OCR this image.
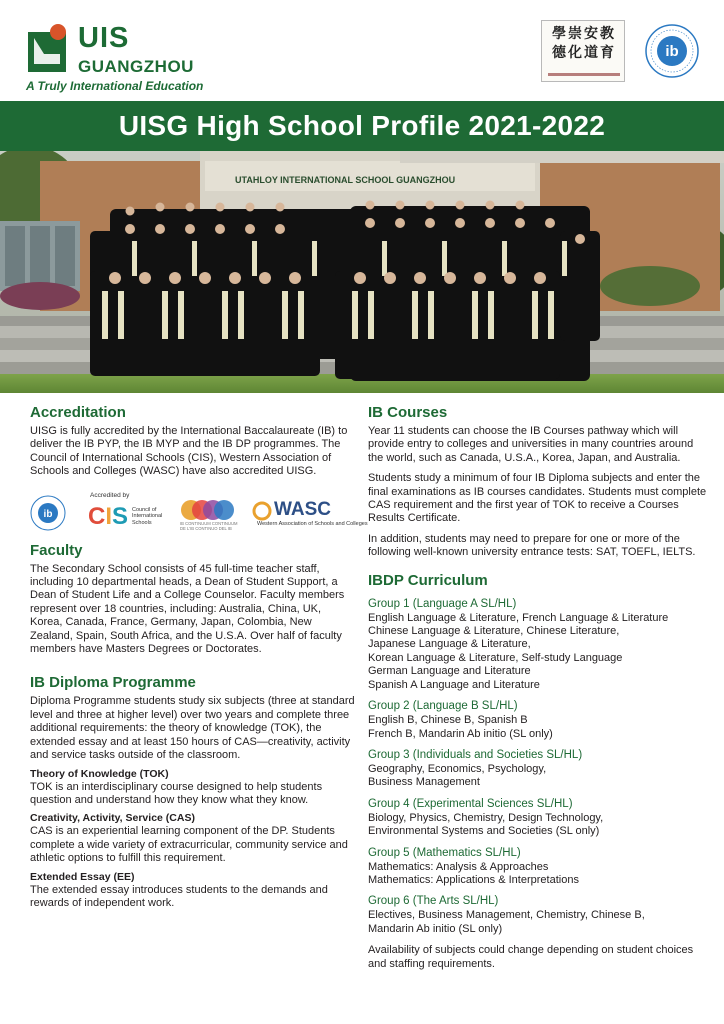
UIS
GUANGZHOU
A Truly International Education
學崇安教
德化道育	ib
UISG High School Profile 2021-2022
UTAHLOY INTERNATIONAL SCHOOL GUANGZHOU
Accreditation

UISG is fully accredited by the International Baccalaureate (IB) to deliver the IB PYP, the IB MYP and the IB DP programmes. The Council of International Schools (CIS), Western Association of Schools and Colleges (WASC) have also accredited UISG.

ib
Accredited by
CIS Council of International Schools	IB CONTINUUM CONTINUUM DE L'IB CONTINUO DEL IB
WASC
Western Association of Schools and Colleges
Faculty

The Secondary School consists of 45 full-time teacher staff, including 10 departmental heads, a Dean of Student Support, a Dean of Student Life and a College Counselor. Faculty members represent over 18 countries, including: Australia, China, UK, Korea, Canada, France, Germany, Japan, Colombia, New Zealand, Spain, South Africa, and the U.S.A. Over half of faculty members have Masters Degrees or Doctorates.

IB Diploma Programme

Diploma Programme students study six subjects (three at standard level and three at higher level) over two years and complete three additional requirements: the theory of knowledge (TOK), the extended essay and at least 150 hours of CAS—creativity, activity and service tasks outside of the classroom.

Theory of Knowledge (TOK)

TOK is an interdisciplinary course designed to help students question and understand how they know what they know.

Creativity, Activity, Service (CAS)

CAS is an experiential learning component of the DP. Students complete a wide variety of extracurricular, community service and athletic options to fulfill this requirement.

Extended Essay (EE)

The extended essay introduces students to the demands and rewards of independent work.

IB Courses

Year 11 students can choose the IB Courses pathway which will provide entry to colleges and universities in many countries around the world, such as Canada, U.S.A., Korea, Japan, and Australia.

Students study a minimum of four IB Diploma subjects and enter the final examinations as IB courses candidates. Students must complete CAS requirement and the first year of TOK to receive a Courses Results Certificate.

In addition, students may need to prepare for one or more of the following well-known university entrance tests: SAT, TOEFL, IELTS.

IBDP Curriculum
Group 1 (Language A SL/HL)

English Language & Literature, French Language & Literature

Chinese Language & Literature, Chinese Literature,

Japanese Language & Literature,

Korean Language & Literature, Self-study Language

German Language and Literature

Spanish A Language and Literature

Group 2 (Language B SL/HL)

English B, Chinese B, Spanish B

French B, Mandarin Ab initio (SL only)

Group 3 (Individuals and Societies SL/HL)

Geography, Economics, Psychology,

Business Management

Group 4 (Experimental Sciences SL/HL)

Biology, Physics, Chemistry, Design Technology,

Environmental Systems and Societies (SL only)

Group 5 (Mathematics SL/HL)

Mathematics: Analysis & Approaches

Mathematics: Applications & Interpretations

Group 6 (The Arts SL/HL)

Electives, Business Management, Chemistry, Chinese B,

Mandarin Ab initio (SL only)

Availability of subjects could change depending on student choices and staffing requirements.
